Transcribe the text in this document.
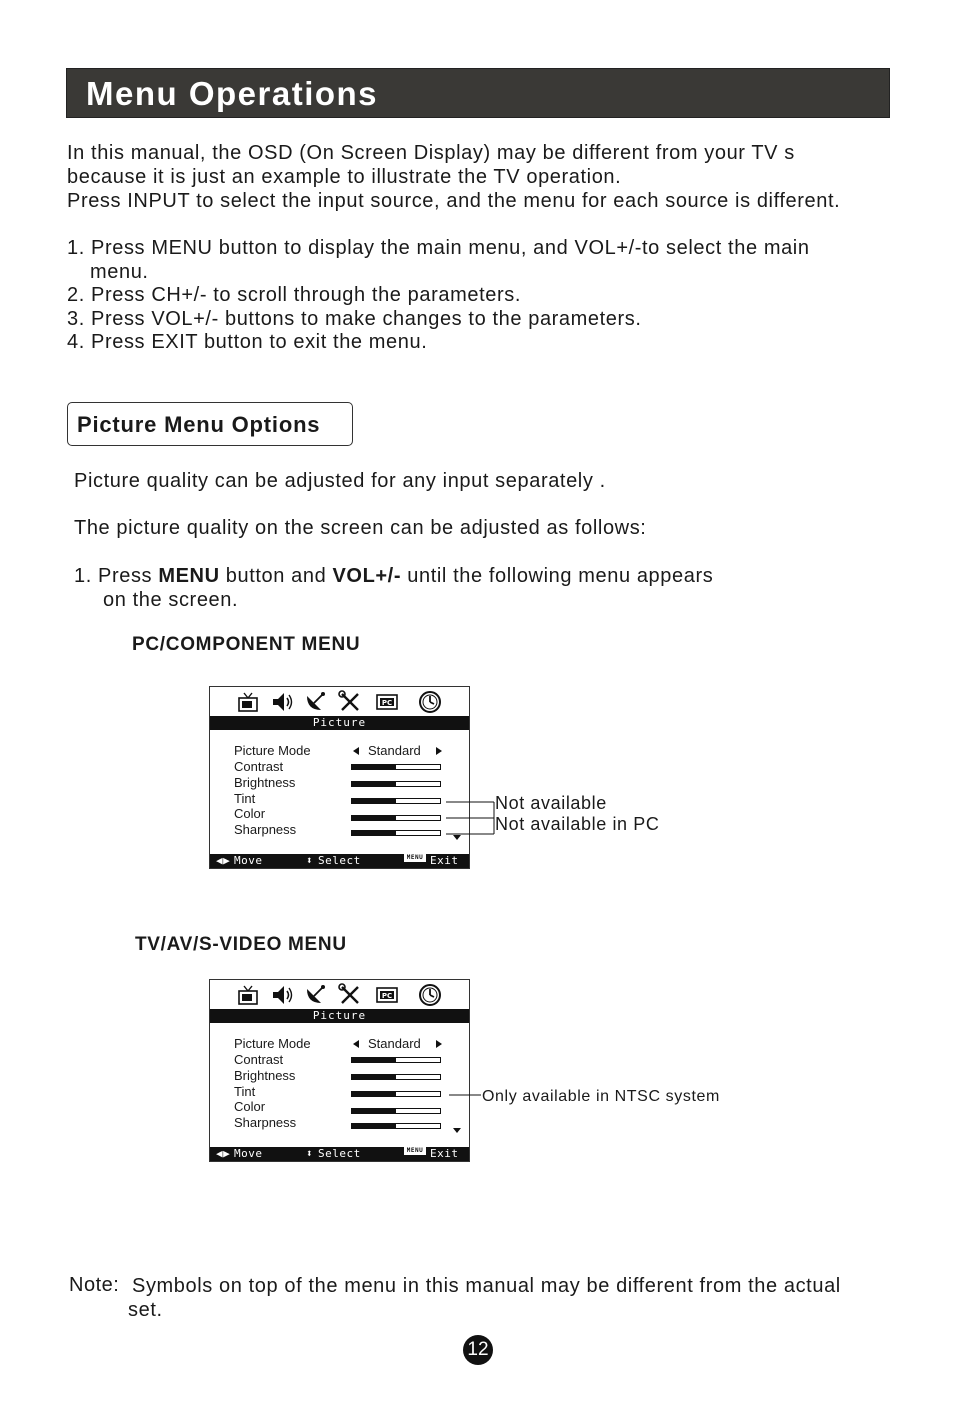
Menu Operations
In this manual, the OSD (On Screen Display) may be different from your TV s
because it is just an example to illustrate the TV operation.
Press INPUT to select the input source, and the menu for each source is different.
1. Press MENU button to display the main menu, and VOL+/-to select the main
menu.
2. Press CH+/- to scroll through the parameters.
3. Press VOL+/- buttons to make changes to the parameters.
4. Press EXIT button to exit the menu.
Picture Menu Options
Picture quality can be adjusted for any input separately .
The picture quality on the screen can be adjusted as follows:
1. Press MENU button and VOL+/- until the following menu appears
on the screen.
PC/COMPONENT MENU
PC
Picture
Picture Mode	Standard
Contrast
Brightness
Tint
Color
Sharpness
◀▶ Move	⬍ Select	MENU Exit
Not available
Not available in PC
TV/AV/S-VIDEO MENU
PC
Picture
Picture Mode	Standard
Contrast
Brightness
Tint
Color
Sharpness
◀▶ Move	⬍ Select	MENU Exit
Only available in NTSC system
Note: Symbols on top of the menu in this manual may be different from the actual
set.
12
